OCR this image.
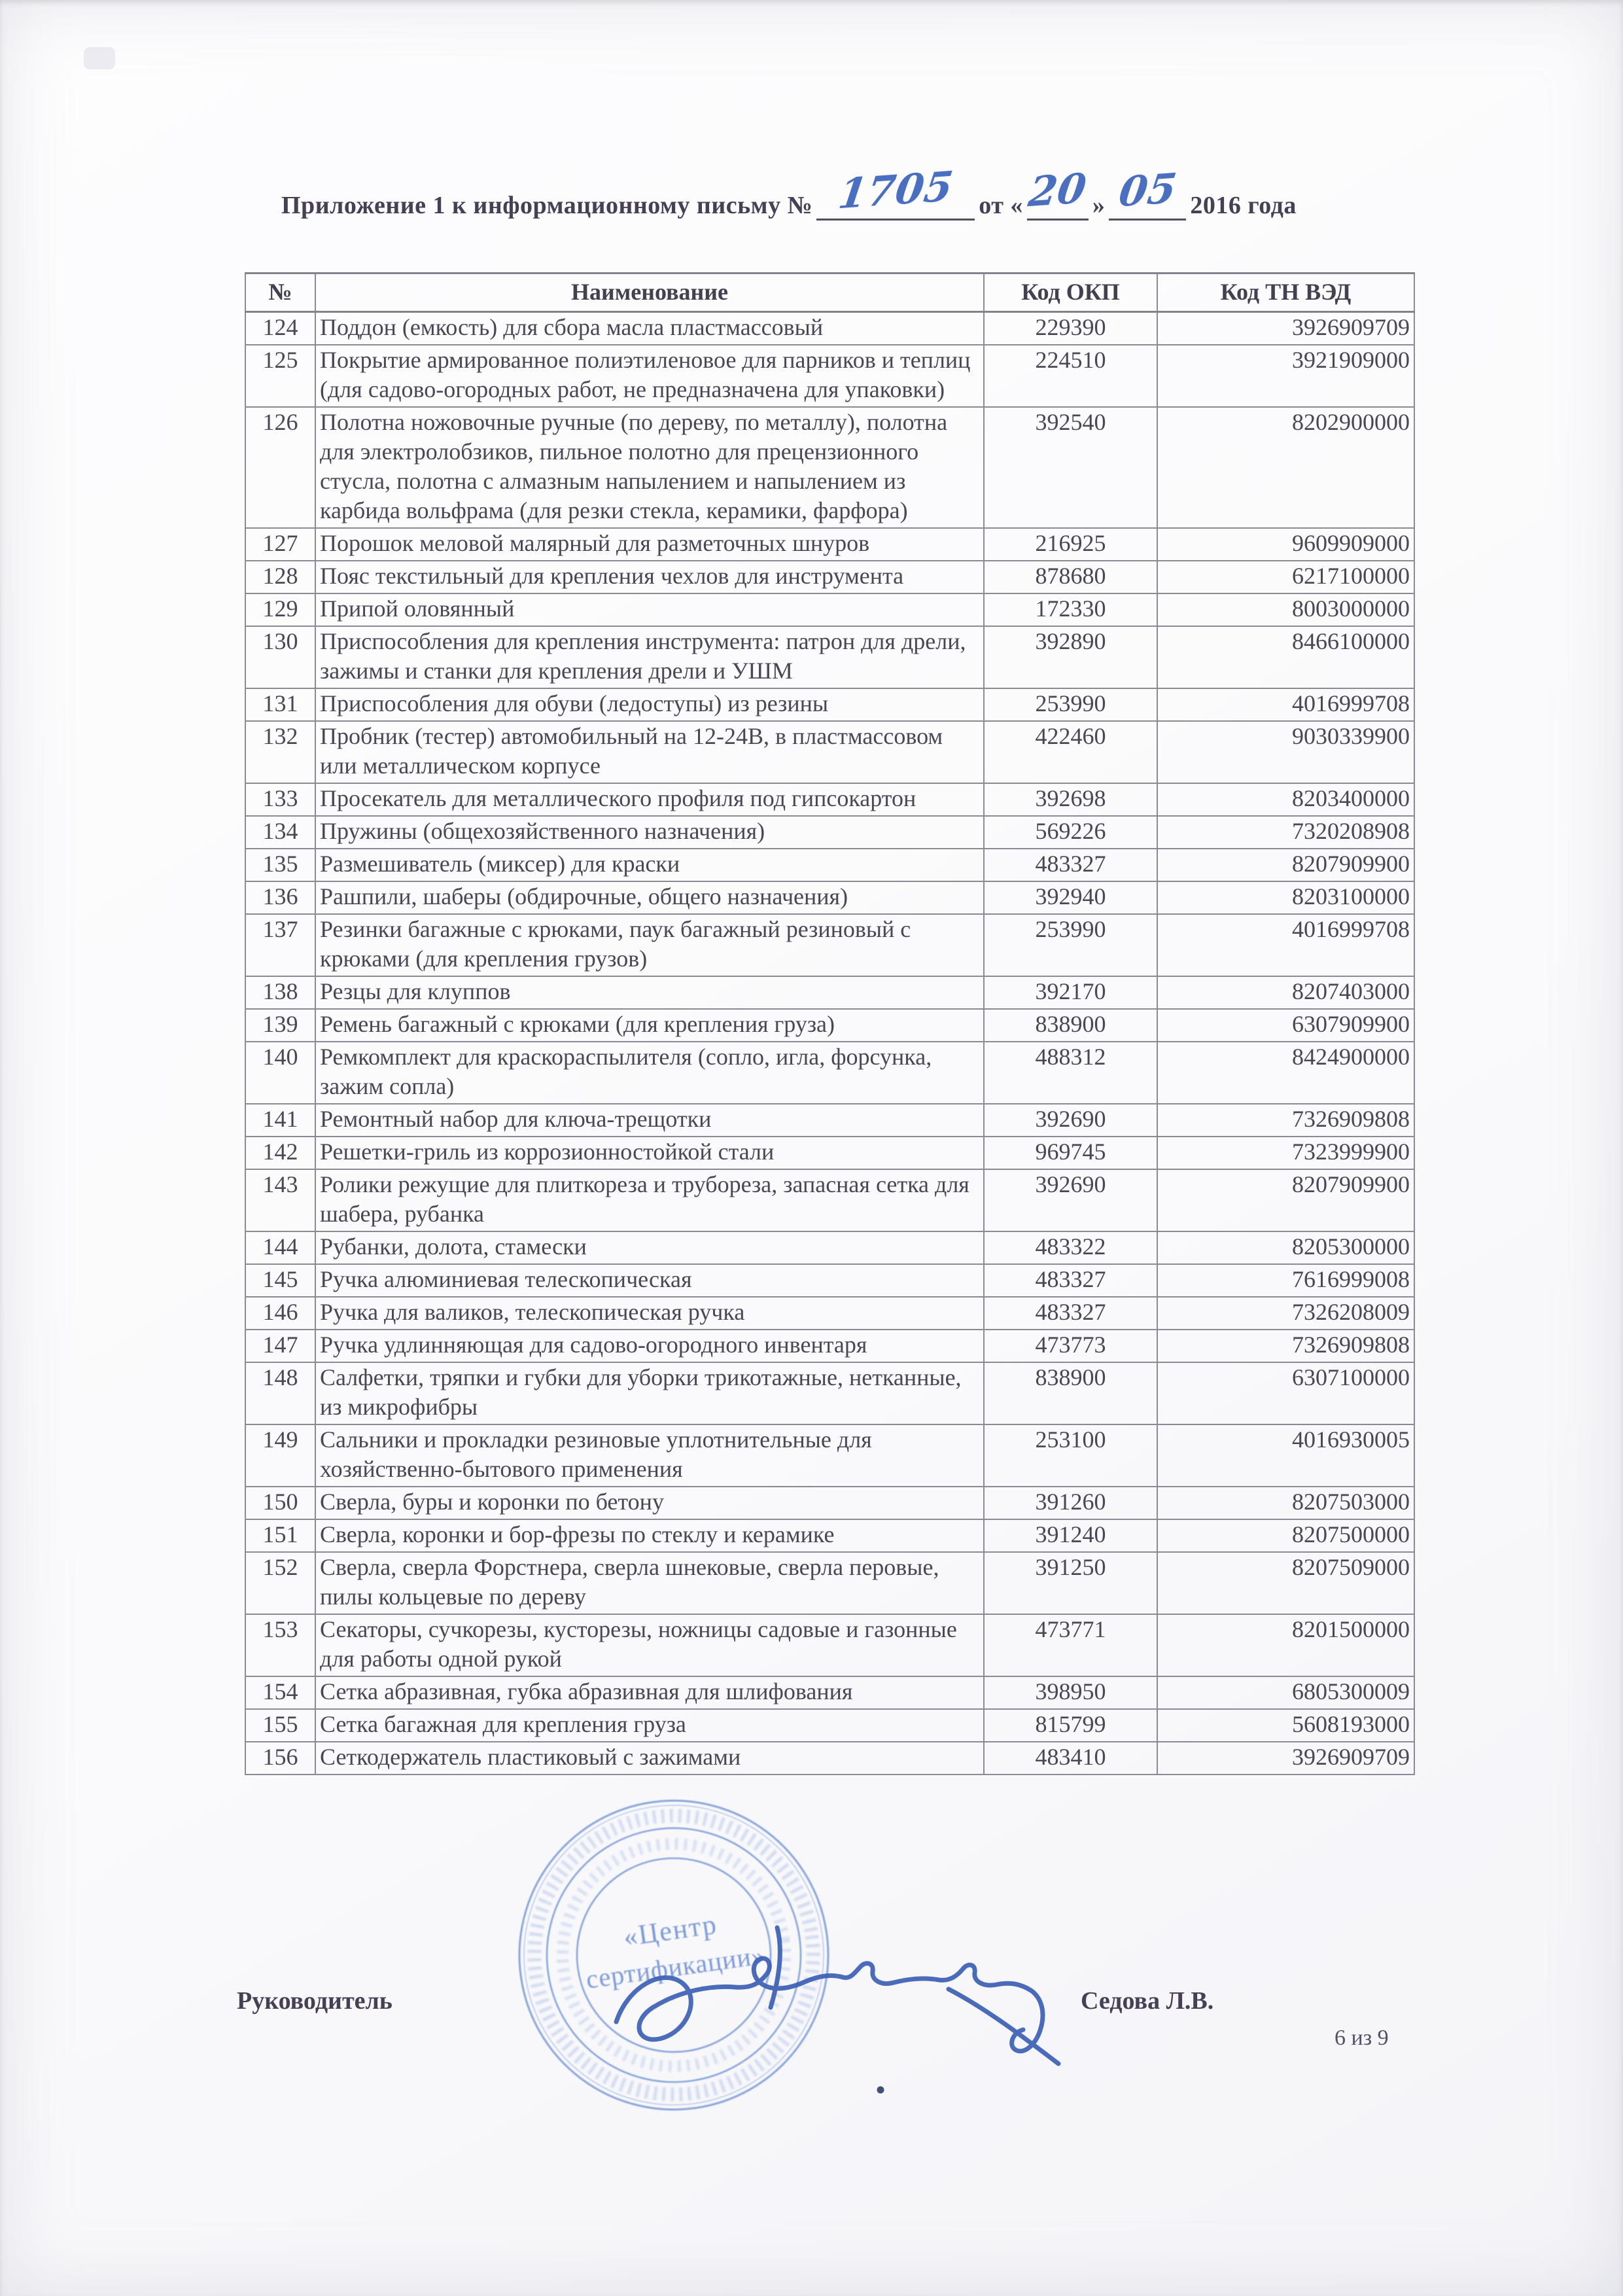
Приложение 1 к информационному письму № 1705 от «20 » 05 2016 года
№	Наименование	Код ОКП	Код ТН ВЭД
124	Поддон (емкость) для сбора масла пластмассовый	229390	3926909709
125	Покрытие армированное полиэтиленовое для парников и теплиц (для садово-огородных работ, не предназначена для упаковки)	224510	3921909000
126	Полотна ножовочные ручные (по дереву, по металлу), полотна для электролобзиков, пильное полотно для прецензионного стусла, полотна с алмазным напылением и напылением из карбида вольфрама (для резки стекла, керамики, фарфора)	392540	8202900000
127	Порошок меловой малярный для разметочных шнуров	216925	9609909000
128	Пояс текстильный для крепления чехлов для инструмента	878680	6217100000
129	Припой оловянный	172330	8003000000
130	Приспособления для крепления инструмента: патрон для дрели, зажимы и станки для крепления дрели и УШМ	392890	8466100000
131	Приспособления для обуви (ледоступы) из резины	253990	4016999708
132	Пробник (тестер) автомобильный на 12-24В, в пластмассовом или металлическом корпусе	422460	9030339900
133	Просекатель для металлического профиля под гипсокартон	392698	8203400000
134	Пружины (общехозяйственного назначения)	569226	7320208908
135	Размешиватель (миксер) для краски	483327	8207909900
136	Рашпили, шаберы (обдирочные, общего назначения)	392940	8203100000
137	Резинки багажные с крюками, паук багажный резиновый с крюками (для крепления грузов)	253990	4016999708
138	Резцы для клуппов	392170	8207403000
139	Ремень багажный с крюками (для крепления груза)	838900	6307909900
140	Ремкомплект для краскораспылителя (сопло, игла, форсунка, зажим сопла)	488312	8424900000
141	Ремонтный набор для ключа-трещотки	392690	7326909808
142	Решетки-гриль из коррозионностойкой стали	969745	7323999900
143	Ролики режущие для плиткореза и трубореза, запасная сетка для шабера, рубанка	392690	8207909900
144	Рубанки, долота, стамески	483322	8205300000
145	Ручка алюминиевая телескопическая	483327	7616999008
146	Ручка для валиков, телескопическая ручка	483327	7326208009
147	Ручка удлинняющая для садово-огородного инвентаря	473773	7326909808
148	Салфетки, тряпки и губки для уборки трикотажные, нетканные, из микрофибры	838900	6307100000
149	Сальники и прокладки резиновые уплотнительные для хозяйственно-бытового применения	253100	4016930005
150	Сверла, буры и коронки по бетону	391260	8207503000
151	Сверла, коронки и бор-фрезы по стеклу и керамике	391240	8207500000
152	Сверла, сверла Форстнера, сверла шнековые, сверла перовые, пилы кольцевые по дереву	391250	8207509000
153	Секаторы, сучкорезы, кусторезы, ножницы садовые и газонные для работы одной рукой	473771	8201500000
154	Сетка абразивная, губка абразивная для шлифования	398950	6805300009
155	Сетка багажная для крепления груза	815799	5608193000
156	Сеткодержатель пластиковый с зажимами	483410	3926909709
Руководитель	Седова Л.В.
6 из 9
«Центр
сертификации»
